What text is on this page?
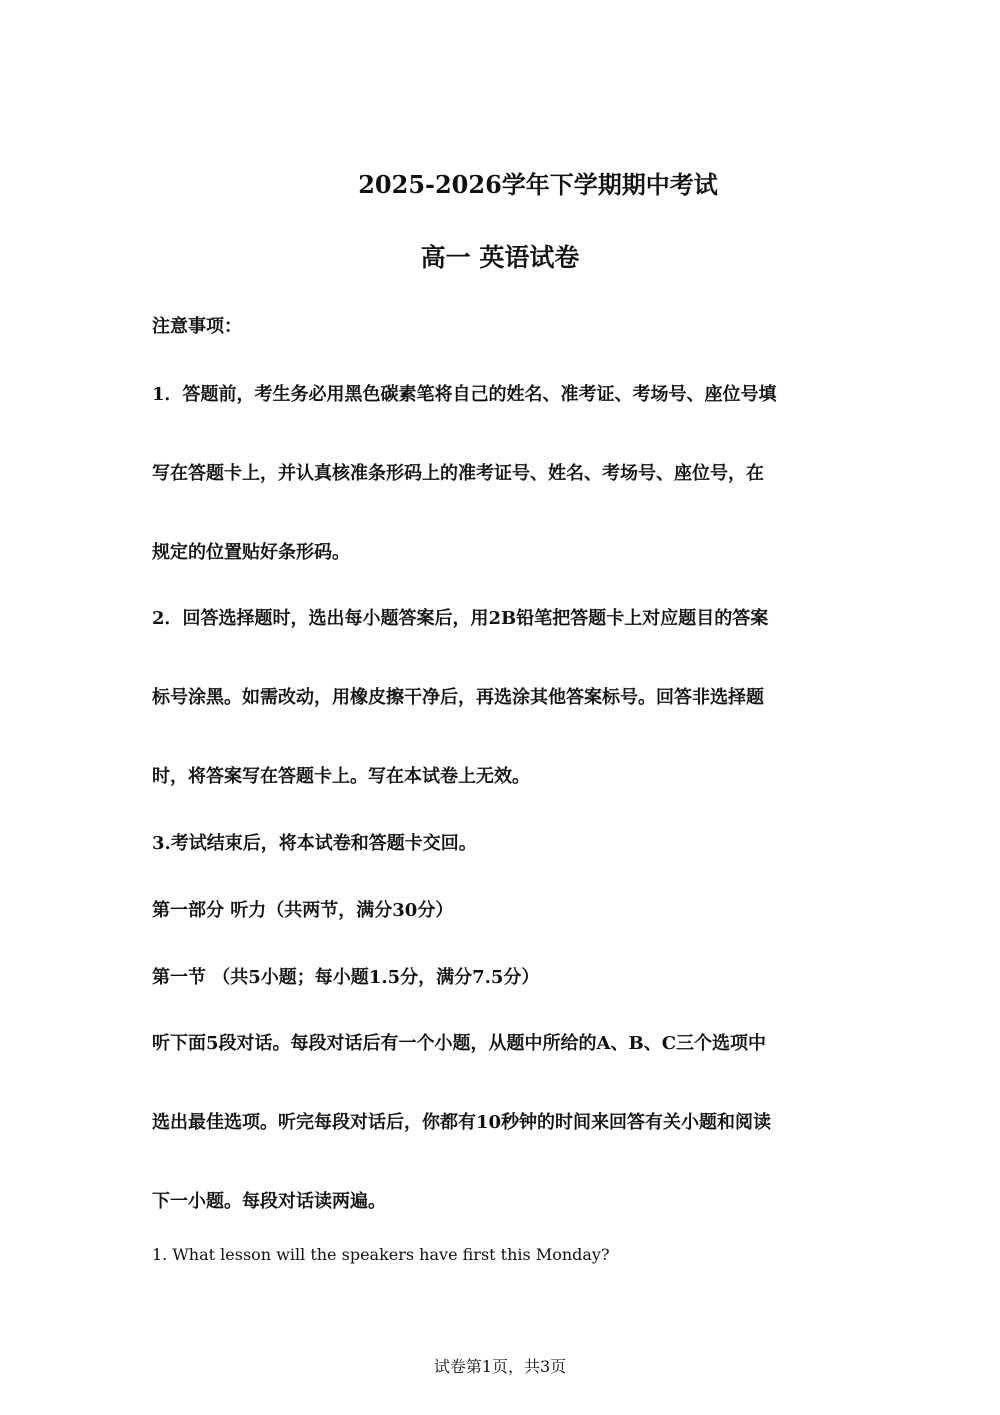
2025-2026学年下学期期中考试
高一 英语试卷
注意事项：
1．答题前，考生务必用黑色碳素笔将自己的姓名、准考证、考场号、座位号填
写在答题卡上，并认真核准条形码上的准考证号、姓名、考场号、座位号，在
规定的位置贴好条形码。
2．回答选择题时，选出每小题答案后，用2B铅笔把答题卡上对应题目的答案
标号涂黑。如需改动，用橡皮擦干净后，再选涂其他答案标号。回答非选择题
时，将答案写在答题卡上。写在本试卷上无效。
3.考试结束后，将本试卷和答题卡交回。
第一部分 听力（共两节，满分30分）
第一节 （共5小题；每小题1.5分，满分7.5分）
听下面5段对话。每段对话后有一个小题，从题中所给的A、B、C三个选项中
选出最佳选项。听完每段对话后，你都有10秒钟的时间来回答有关小题和阅读
下一小题。每段对话读两遍。
1. What lesson will the speakers have first this Monday?
试卷第1页，共3页
